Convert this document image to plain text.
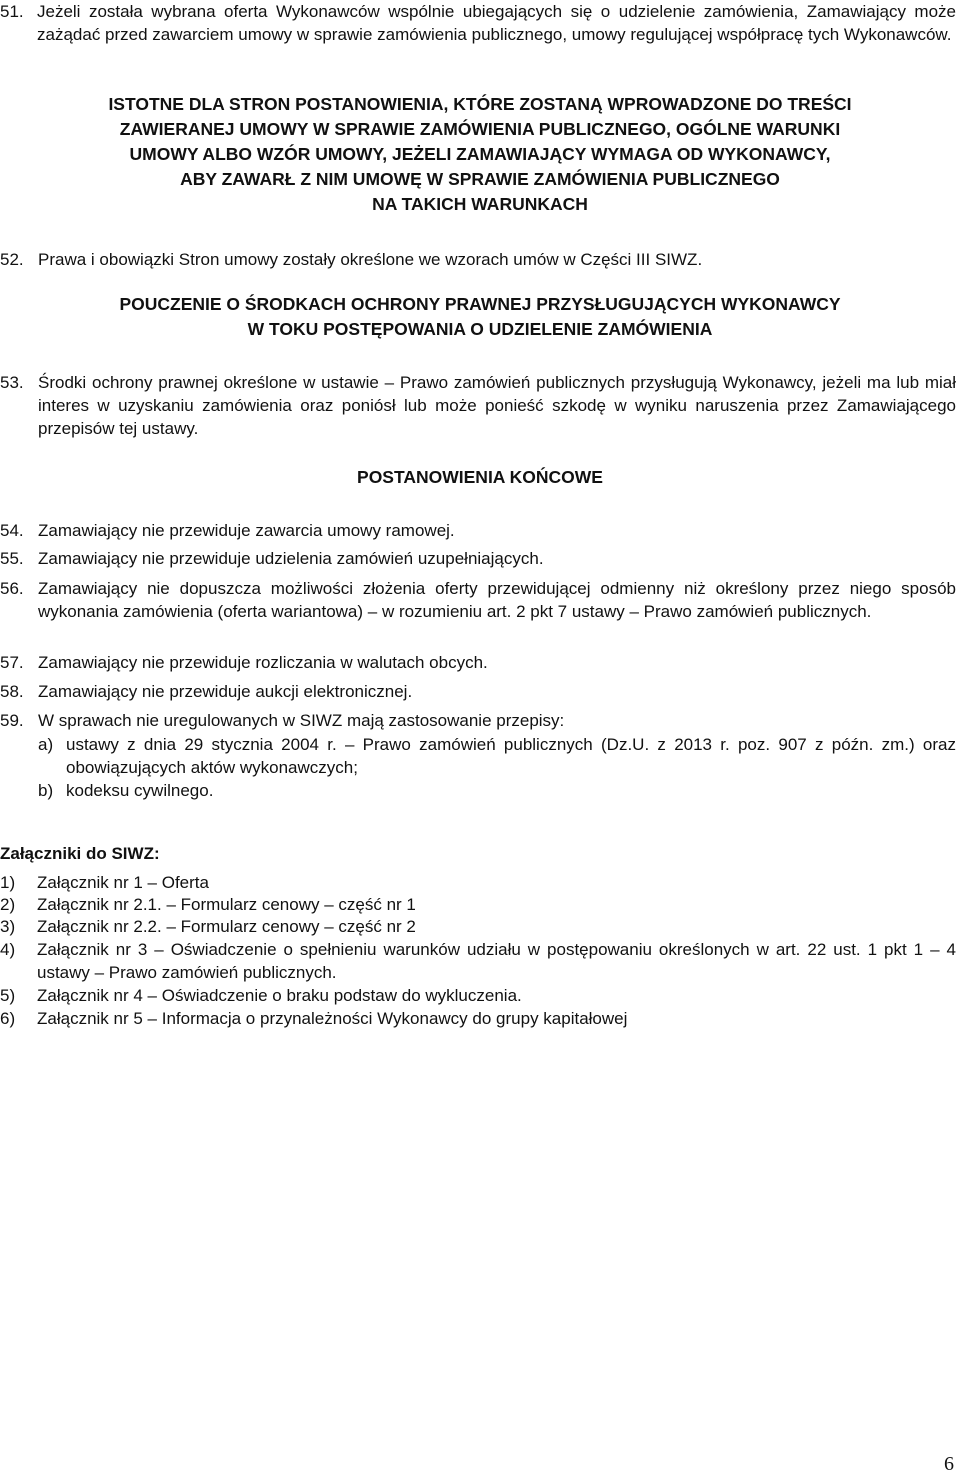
51. Jeżeli została wybrana oferta Wykonawców wspólnie ubiegających się o udzielenie zamówienia, Zamawiający może zażądać przed zawarciem umowy w sprawie zamówienia publicznego, umowy regulującej współpracę tych Wykonawców.
ISTOTNE DLA STRON POSTANOWIENIA, KTÓRE ZOSTANĄ WPROWADZONE DO TREŚCI
ZAWIERANEJ UMOWY W SPRAWIE ZAMÓWIENIA PUBLICZNEGO, OGÓLNE WARUNKI
UMOWY ALBO WZÓR UMOWY, JEŻELI ZAMAWIAJĄCY WYMAGA OD WYKONAWCY,
ABY ZAWARŁ Z NIM UMOWĘ W SPRAWIE ZAMÓWIENIA PUBLICZNEGO
NA TAKICH WARUNKACH
52. Prawa i obowiązki Stron umowy zostały określone we wzorach umów w Części III SIWZ.
POUCZENIE O ŚRODKACH OCHRONY PRAWNEJ PRZYSŁUGUJĄCYCH WYKONAWCY
W TOKU POSTĘPOWANIA O UDZIELENIE ZAMÓWIENIA
53. Środki ochrony prawnej określone w ustawie – Prawo zamówień publicznych przysługują Wykonawcy, jeżeli ma lub miał interes w uzyskaniu zamówienia oraz poniósł lub może ponieść szkodę w wyniku naruszenia przez Zamawiającego przepisów tej ustawy.
POSTANOWIENIA KOŃCOWE
54. Zamawiający nie przewiduje zawarcia umowy ramowej.
55. Zamawiający nie przewiduje udzielenia zamówień uzupełniających.
56. Zamawiający nie dopuszcza możliwości złożenia oferty przewidującej odmienny niż określony przez niego sposób wykonania zamówienia (oferta wariantowa) – w rozumieniu art. 2 pkt 7 ustawy – Prawo zamówień publicznych.
57. Zamawiający nie przewiduje rozliczania w walutach obcych.
58. Zamawiający nie przewiduje aukcji elektronicznej.
59. W sprawach nie uregulowanych w SIWZ mają zastosowanie przepisy:
a) ustawy z dnia 29 stycznia 2004 r. – Prawo zamówień publicznych (Dz.U. z 2013 r. poz. 907 z późn. zm.) oraz obowiązujących aktów wykonawczych;
b) kodeksu cywilnego.
Załączniki do SIWZ:
1) Załącznik nr 1 – Oferta
2) Załącznik nr 2.1. – Formularz cenowy – część nr 1
3) Załącznik nr 2.2. – Formularz cenowy – część nr 2
4) Załącznik nr 3 – Oświadczenie o spełnieniu warunków udziału w postępowaniu określonych w art. 22 ust. 1 pkt 1 – 4 ustawy – Prawo zamówień publicznych.
5) Załącznik nr 4 – Oświadczenie o braku podstaw do wykluczenia.
6) Załącznik nr 5 – Informacja o przynależności Wykonawcy do grupy kapitałowej
6
